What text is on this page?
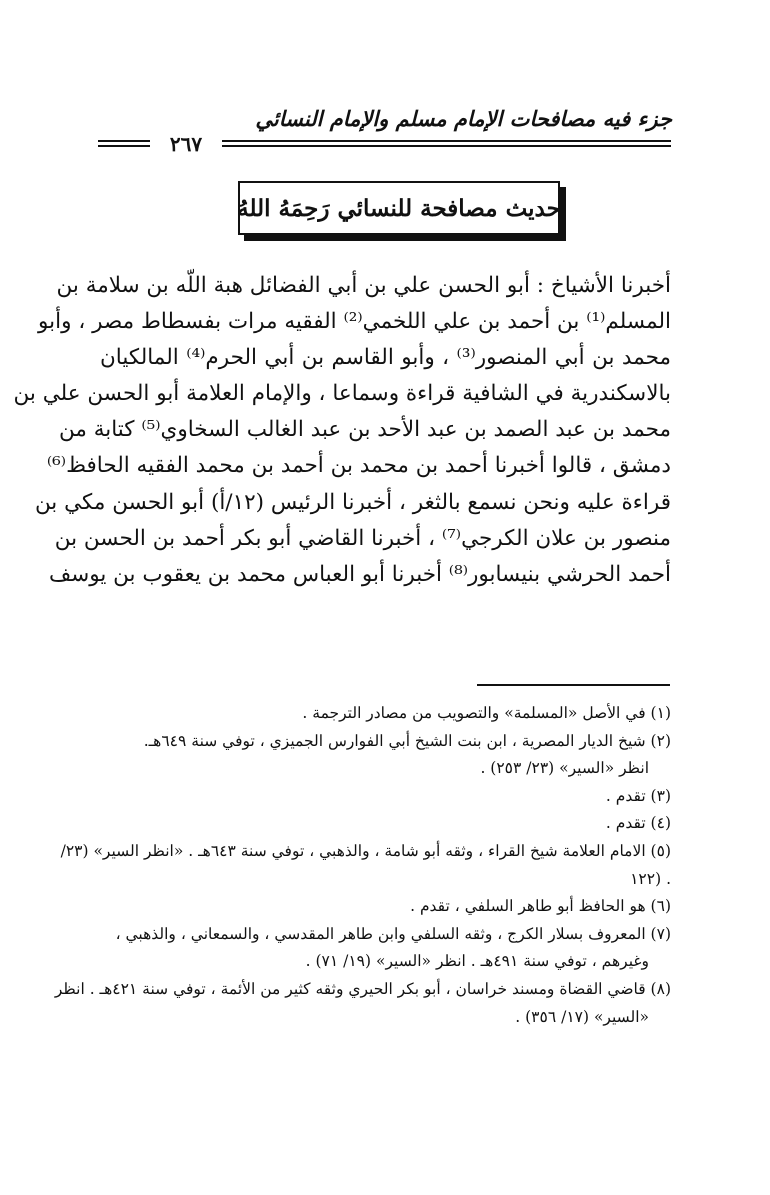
جزء فيه مصافحات الإمام مسلم والإمام النسائي
٢٦٧
حديث مصافحة للنسائي رَحِمَهُ اللهُ
أخبرنا الأشياخ : أبو الحسن علي بن أبي الفضائل هبة اللّه بن سلامة بن
المسلم⁽¹⁾ بن أحمد بن علي اللخمي⁽²⁾ الفقيه مرات بفسطاط مصر ، وأبو
محمد بن أبي المنصور⁽³⁾ ، وأبو القاسم بن أبي الحرم⁽⁴⁾ المالكيان
بالاسكندرية في الشافية قراءة وسماعا ، والإمام العلامة أبو الحسن علي بن
محمد بن عبد الصمد بن عبد الأحد بن عبد الغالب السخاوي⁽⁵⁾ كتابة من
دمشق ، قالوا أخبرنا أحمد بن محمد بن أحمد بن محمد الفقيه الحافظ⁽⁶⁾
قراءة عليه ونحن نسمع بالثغر ، أخبرنا الرئيس (١٢/أ) أبو الحسن مكي بن
منصور بن علان الكرجي⁽⁷⁾ ، أخبرنا القاضي أبو بكر أحمد بن الحسن بن
أحمد الحرشي بنيسابور⁽⁸⁾ أخبرنا أبو العباس محمد بن يعقوب بن يوسف
(١) في الأصل «المسلمة» والتصويب من مصادر الترجمة .
(٢) شيخ الديار المصرية ، ابن بنت الشيخ أبي الفوارس الجميزي ، توفي سنة ٦٤٩هـ.
انظر «السير» (٢٣/ ٢٥٣) .
(٣) تقدم .
(٤) تقدم .
(٥) الامام العلامة شيخ القراء ، وثقه أبو شامة ، والذهبي ، توفي سنة ٦٤٣هـ . «انظر السير» (٢٣/
. (١٢٢
(٦) هو الحافظ أبو طاهر السلفي ، تقدم .
(٧) المعروف بسلار الكرج ، وثقه السلفي وابن طاهر المقدسي ، والسمعاني ، والذهبي ،
وغيرهم ، توفي سنة ٤٩١هـ . انظر «السير» (١٩/ ٧١) .
(٨) قاضي القضاة ومسند خراسان ، أبو بكر الحيري وثقه كثير من الأئمة ، توفي سنة ٤٢١هـ . انظر
«السير» (١٧/ ٣٥٦) .
